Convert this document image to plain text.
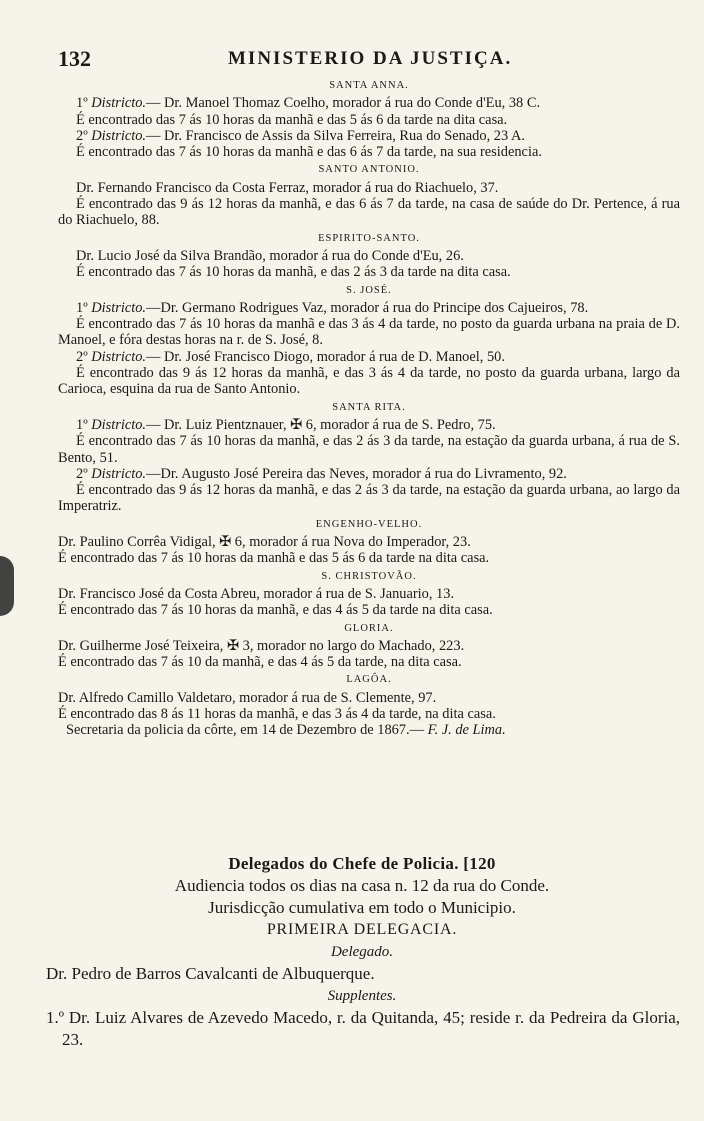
132	MINISTERIO DA JUSTIÇA.
SANTA ANNA.

1º Districto.— Dr. Manoel Thomaz Coelho, morador á rua do Conde d'Eu, 38 C.

É encontrado das 7 ás 10 horas da manhã e das 5 ás 6 da tarde na dita casa.

2º Districto.— Dr. Francisco de Assis da Silva Ferreira, Rua do Senado, 23 A.

É encontrado das 7 ás 10 horas da manhã e das 6 ás 7 da tarde, na sua residencia.

SANTO ANTONIO.

Dr. Fernando Francisco da Costa Ferraz, morador á rua do Riachuelo, 37.

É encontrado das 9 ás 12 horas da manhã, e das 6 ás 7 da tarde, na casa de saúde do Dr. Pertence, á rua do Riachuelo, 88.

ESPIRITO-SANTO.

Dr. Lucio José da Silva Brandão, morador á rua do Conde d'Eu, 26.

É encontrado das 7 ás 10 horas da manhã, e das 2 ás 3 da tarde na dita casa.

S. JOSÉ.

1º Districto.—Dr. Germano Rodrigues Vaz, morador á rua do Principe dos Cajueiros, 78.

É encontrado das 7 ás 10 horas da manhã e das 3 ás 4 da tarde, no posto da guarda urbana na praia de D. Manoel, e fóra destas horas na r. de S. José, 8.

2º Districto.— Dr. José Francisco Diogo, morador á rua de D. Manoel, 50.

É encontrado das 9 ás 12 horas da manhã, e das 3 ás 4 da tarde, no posto da guarda urbana, largo da Carioca, esquina da rua de Santo Antonio.

SANTA RITA.

1º Districto.— Dr. Luiz Pientznauer, ✠ 6, morador á rua de S. Pedro, 75.

É encontrado das 7 ás 10 horas da manhã, e das 2 ás 3 da tarde, na estação da guarda urbana, á rua de S. Bento, 51.

2º Districto.—Dr. Augusto José Pereira das Neves, morador á rua do Livramento, 92.

É encontrado das 9 ás 12 horas da manhã, e das 2 ás 3 da tarde, na estação da guarda urbana, ao largo da Imperatriz.

ENGENHO-VELHO.

Dr. Paulino Corrêa Vidigal, ✠ 6, morador á rua Nova do Imperador, 23.

É encontrado das 7 ás 10 horas da manhã e das 5 ás 6 da tarde na dita casa.

S. CHRISTOVÃO.

Dr. Francisco José da Costa Abreu, morador á rua de S. Januario, 13.

É encontrado das 7 ás 10 horas da manhã, e das 4 ás 5 da tarde na dita casa.

GLORIA.

Dr. Guilherme José Teixeira, ✠ 3, morador no largo do Machado, 223.

É encontrado das 7 ás 10 da manhã, e das 4 ás 5 da tarde, na dita casa.

LAGÔA.

Dr. Alfredo Camillo Valdetaro, morador á rua de S. Clemente, 97.

É encontrado das 8 ás 11 horas da manhã, e das 3 ás 4 da tarde, na dita casa.

Secretaria da policia da côrte, em 14 de Dezembro de 1867.— F. J. de Lima.

Delegados do Chefe de Policia. [120

Audiencia todos os dias na casa n. 12 da rua do Conde.

Jurisdicção cumulativa em todo o Municipio.

PRIMEIRA DELEGACIA.

Delegado.

Dr. Pedro de Barros Cavalcanti de Albuquerque.

Supplentes.

1.º Dr. Luiz Alvares de Azevedo Macedo, r. da Quitanda, 45; reside r. da Pedreira da Gloria, 23.
